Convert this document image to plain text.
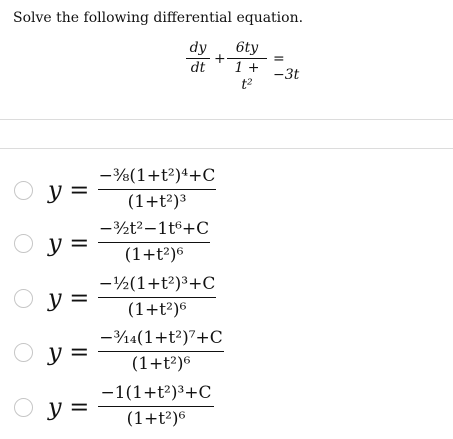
Solve the following differential equation.
dy
dt
+
6ty
1 + t²
= −3t
y = −⅜(1+t²)⁴+C
(1+t²)³
y = −³⁄₂t²−1t⁶+C
(1+t²)⁶
y = −½(1+t²)³+C
(1+t²)⁶
y = −³⁄₁₄(1+t²)⁷+C
(1+t²)⁶
y = −1(1+t²)³+C
(1+t²)⁶
